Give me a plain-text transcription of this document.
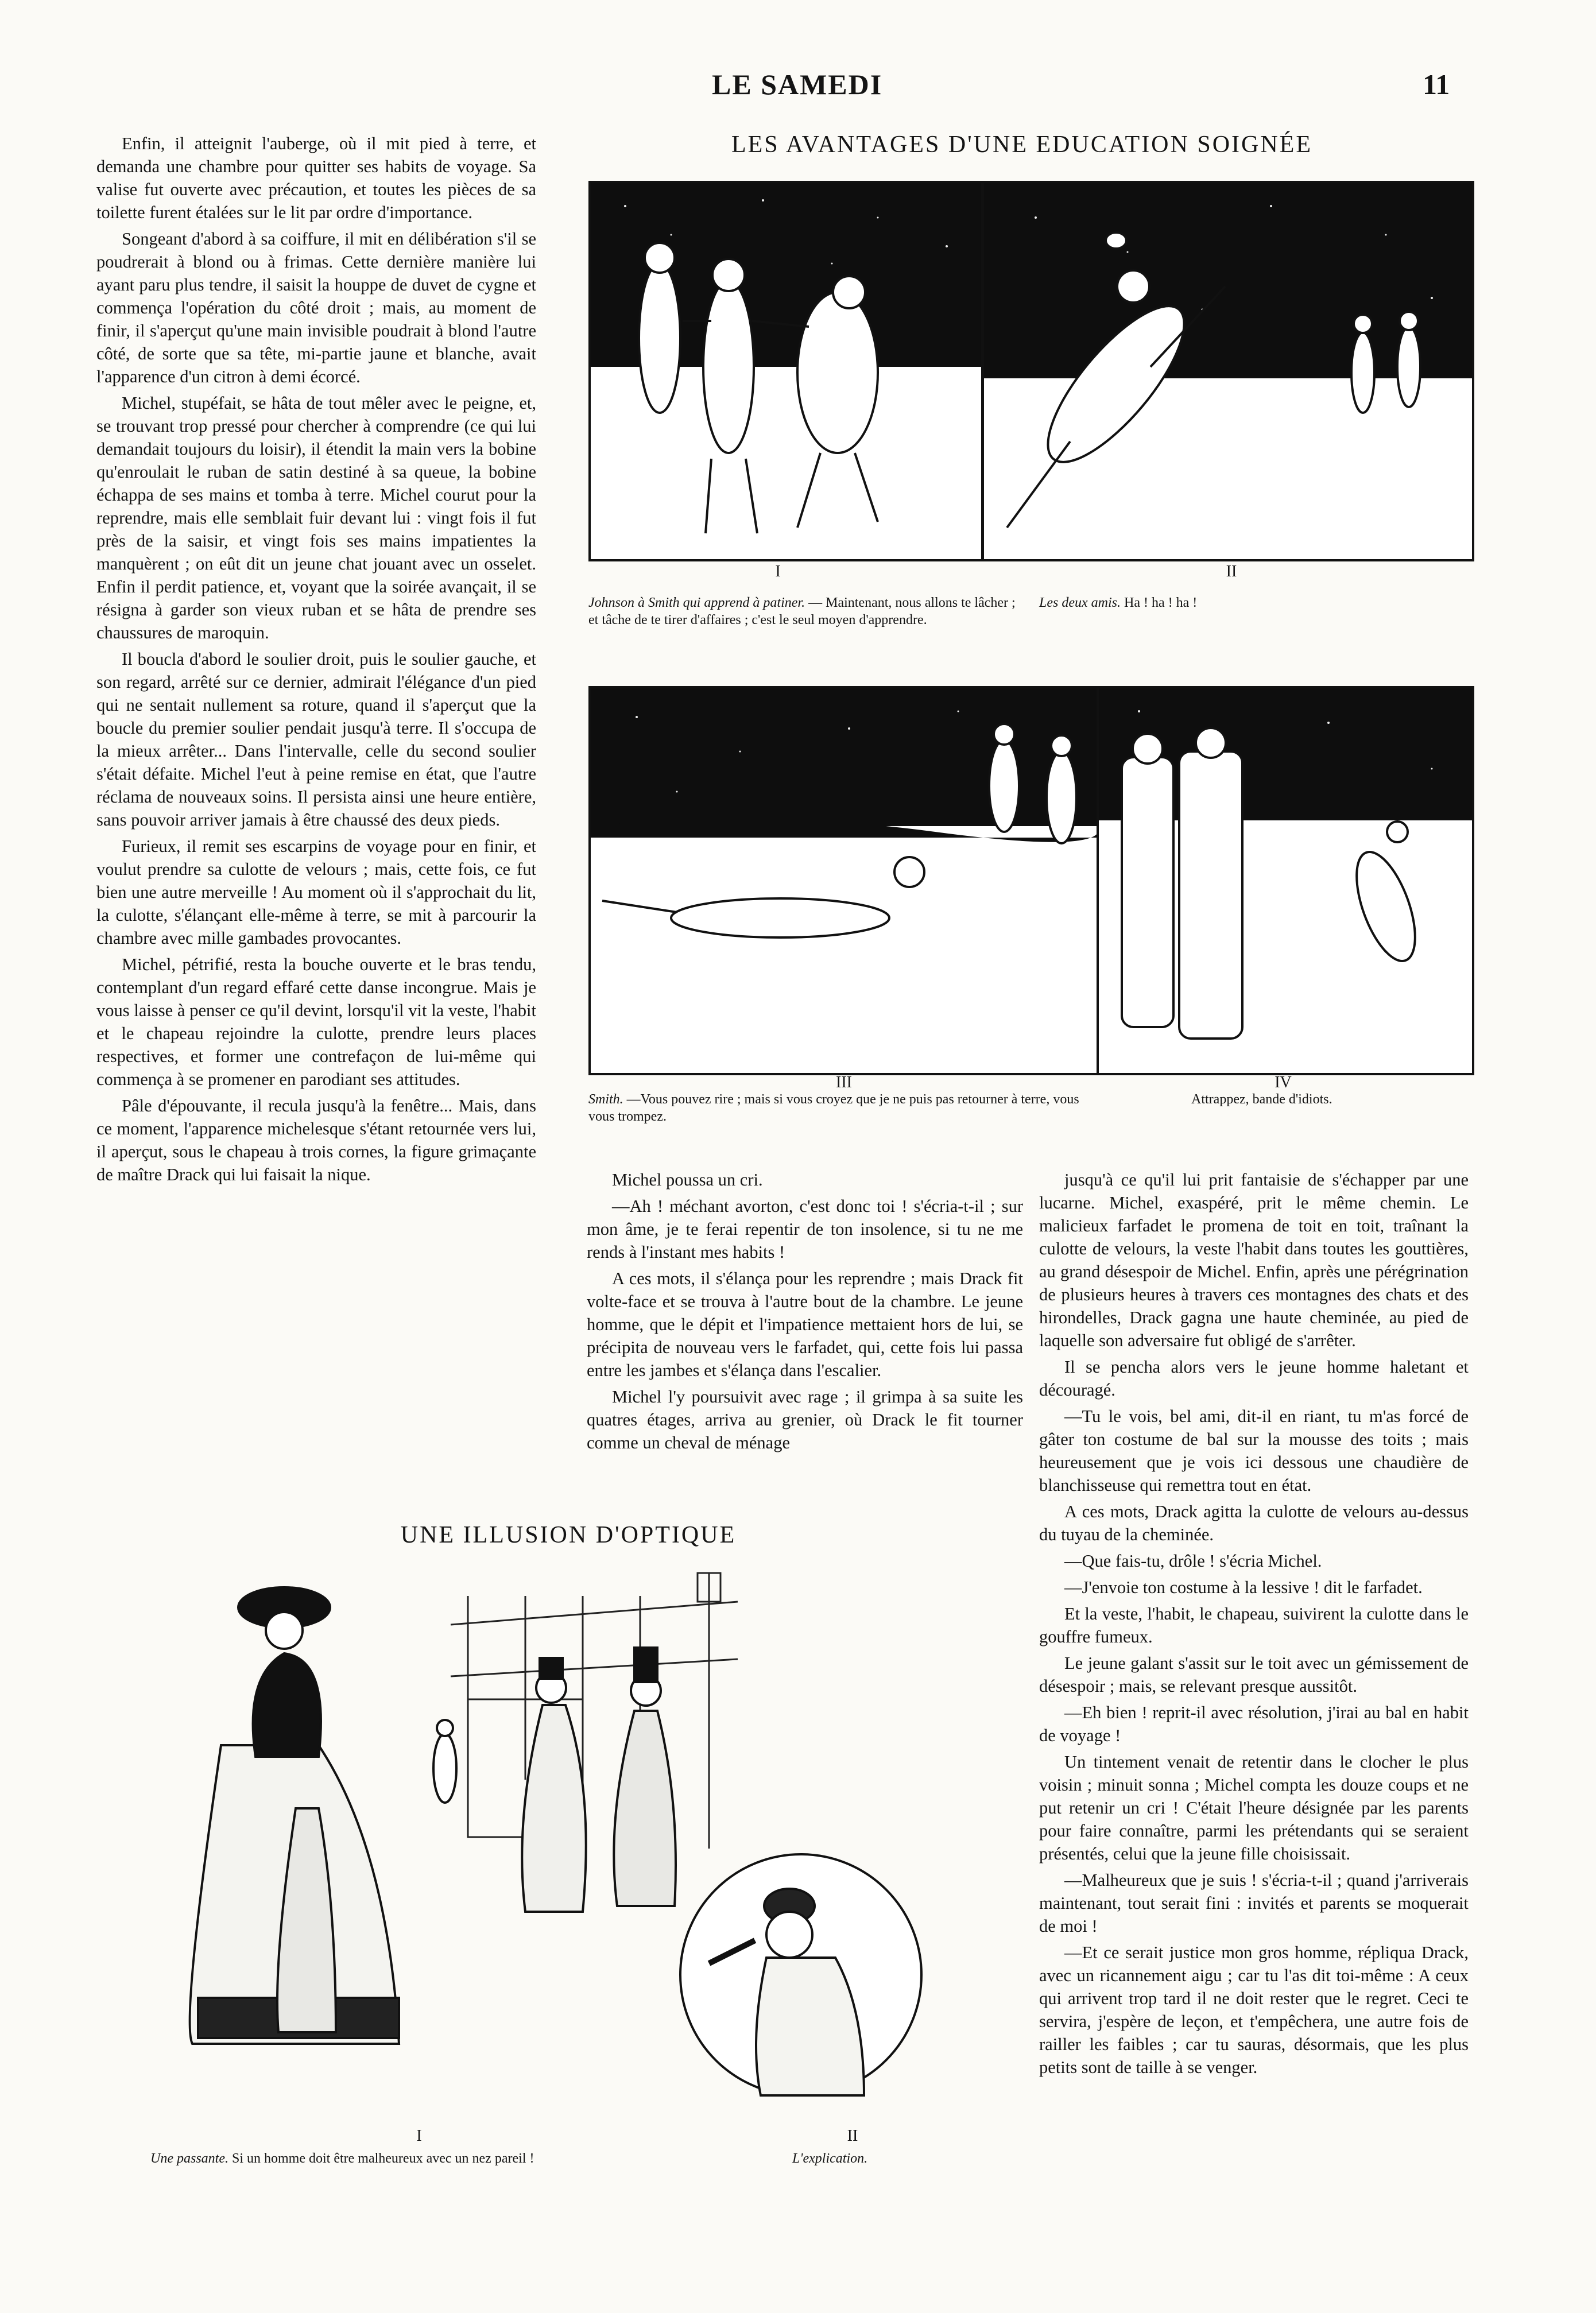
LE SAMEDI	11

Enfin, il atteignit l'auberge, où il mit pied à terre, et demanda une chambre pour quitter ses habits de voyage. Sa valise fut ouverte avec précaution, et toutes les pièces de sa toilette furent étalées sur le lit par ordre d'importance.

Songeant d'abord à sa coiffure, il mit en délibération s'il se poudrerait à blond ou à frimas. Cette dernière manière lui ayant paru plus tendre, il saisit la houppe de duvet de cygne et commença l'opération du côté droit ; mais, au moment de finir, il s'aperçut qu'une main invisible poudrait à blond l'autre côté, de sorte que sa tête, mi-partie jaune et blanche, avait l'apparence d'un citron à demi écorcé.

Michel, stupéfait, se hâta de tout mêler avec le peigne, et, se trouvant trop pressé pour chercher à comprendre (ce qui lui demandait toujours du loisir), il étendit la main vers la bobine qu'enroulait le ruban de satin destiné à sa queue, la bobine échappa de ses mains et tomba à terre. Michel courut pour la reprendre, mais elle semblait fuir devant lui : vingt fois il fut près de la saisir, et vingt fois ses mains impatientes la manquèrent ; on eût dit un jeune chat jouant avec un osselet. Enfin il perdit patience, et, voyant que la soirée avançait, il se résigna à garder son vieux ruban et se hâta de prendre ses chaussures de maroquin.

Il boucla d'abord le soulier droit, puis le soulier gauche, et son regard, arrêté sur ce dernier, admirait l'élégance d'un pied qui ne sentait nullement sa roture, quand il s'aperçut que la boucle du premier soulier pendait jusqu'à terre. Il s'occupa de la mieux arrêter... Dans l'intervalle, celle du second soulier s'était défaite. Michel l'eut à peine remise en état, que l'autre réclama de nouveaux soins. Il persista ainsi une heure entière, sans pouvoir arriver jamais à être chaussé des deux pieds.

Furieux, il remit ses escarpins de voyage pour en finir, et voulut prendre sa culotte de velours ; mais, cette fois, ce fut bien une autre merveille ! Au moment où il s'approchait du lit, la culotte, s'élançant elle-même à terre, se mit à parcourir la chambre avec mille gambades provocantes.

Michel, pétrifié, resta la bouche ouverte et le bras tendu, contemplant d'un regard effaré cette danse incongrue. Mais je vous laisse à penser ce qu'il devint, lorsqu'il vit la veste, l'habit et le chapeau rejoindre la culotte, prendre leurs places respectives, et former une contrefaçon de lui-même qui commença à se promener en parodiant ses attitudes.

Pâle d'épouvante, il recula jusqu'à la fenêtre... Mais, dans ce moment, l'apparence michelesque s'étant retournée vers lui, il aperçut, sous le chapeau à trois cornes, la figure grimaçante de maître Drack qui lui faisait la nique.

LES AVANTAGES D'UNE EDUCATION SOIGNÉE
I	II
Johnson à Smith qui apprend à patiner. — Maintenant, nous allons te lâcher ; et tâche de te tirer d'affaires ; c'est le seul moyen d'apprendre.
Les deux amis. Ha ! ha ! ha !
III	IV
Smith. —Vous pouvez rire ; mais si vous croyez que je ne puis pas retourner à terre, vous vous trompez.
Attrappez, bande d'idiots.

Michel poussa un cri.

—Ah ! méchant avorton, c'est donc toi ! s'écria-t-il ; sur mon âme, je te ferai repentir de ton insolence, si tu ne me rends à l'instant mes habits !

A ces mots, il s'élança pour les reprendre ; mais Drack fit volte-face et se trouva à l'autre bout de la chambre. Le jeune homme, que le dépit et l'impatience mettaient hors de lui, se précipita de nouveau vers le farfadet, qui, cette fois lui passa entre les jambes et s'élança dans l'escalier.

Michel l'y poursuivit avec rage ; il grimpa à sa suite les quatres étages, arriva au grenier, où Drack le fit tourner comme un cheval de ménage

jusqu'à ce qu'il lui prit fantaisie de s'échapper par une lucarne. Michel, exaspéré, prit le même chemin. Le malicieux farfadet le promena de toit en toit, traînant la culotte de velours, la veste l'habit dans toutes les gouttières, au grand désespoir de Michel. Enfin, après une pérégrination de plusieurs heures à travers ces montagnes des chats et des hirondelles, Drack gagna une haute cheminée, au pied de laquelle son adversaire fut obligé de s'arrêter.

Il se pencha alors vers le jeune homme haletant et découragé.

—Tu le vois, bel ami, dit-il en riant, tu m'as forcé de gâter ton costume de bal sur la mousse des toits ; mais heureusement que je vois ici dessous une chaudière de blanchisseuse qui remettra tout en état.

A ces mots, Drack agitta la culotte de velours au-dessus du tuyau de la cheminée.

—Que fais-tu, drôle ! s'écria Michel.

—J'envoie ton costume à la lessive ! dit le farfadet.

Et la veste, l'habit, le chapeau, suivirent la culotte dans le gouffre fumeux.

Le jeune galant s'assit sur le toit avec un gémissement de désespoir ; mais, se relevant presque aussitôt.

—Eh bien ! reprit-il avec résolution, j'irai au bal en habit de voyage !

Un tintement venait de retentir dans le clocher le plus voisin ; minuit sonna ; Michel compta les douze coups et ne put retenir un cri ! C'était l'heure désignée par les parents pour faire connaître, parmi les prétendants qui se seraient présentés, celui que la jeune fille choisissait.

—Malheureux que je suis ! s'écria-t-il ; quand j'arriverais maintenant, tout serait fini : invités et parents se moquerait de moi !

—Et ce serait justice mon gros homme, répliqua Drack, avec un ricannement aigu ; car tu l'as dit toi-même : A ceux qui arrivent trop tard il ne doit rester que le regret. Ceci te servira, j'espère de leçon, et t'empêchera, une autre fois de railler les faibles ; car tu sauras, désormais, que les plus petits sont de taille à se venger.

UNE ILLUSION D'OPTIQUE
I	II
Une passante. Si un homme doit être malheureux avec un nez pareil !	L'explication.
